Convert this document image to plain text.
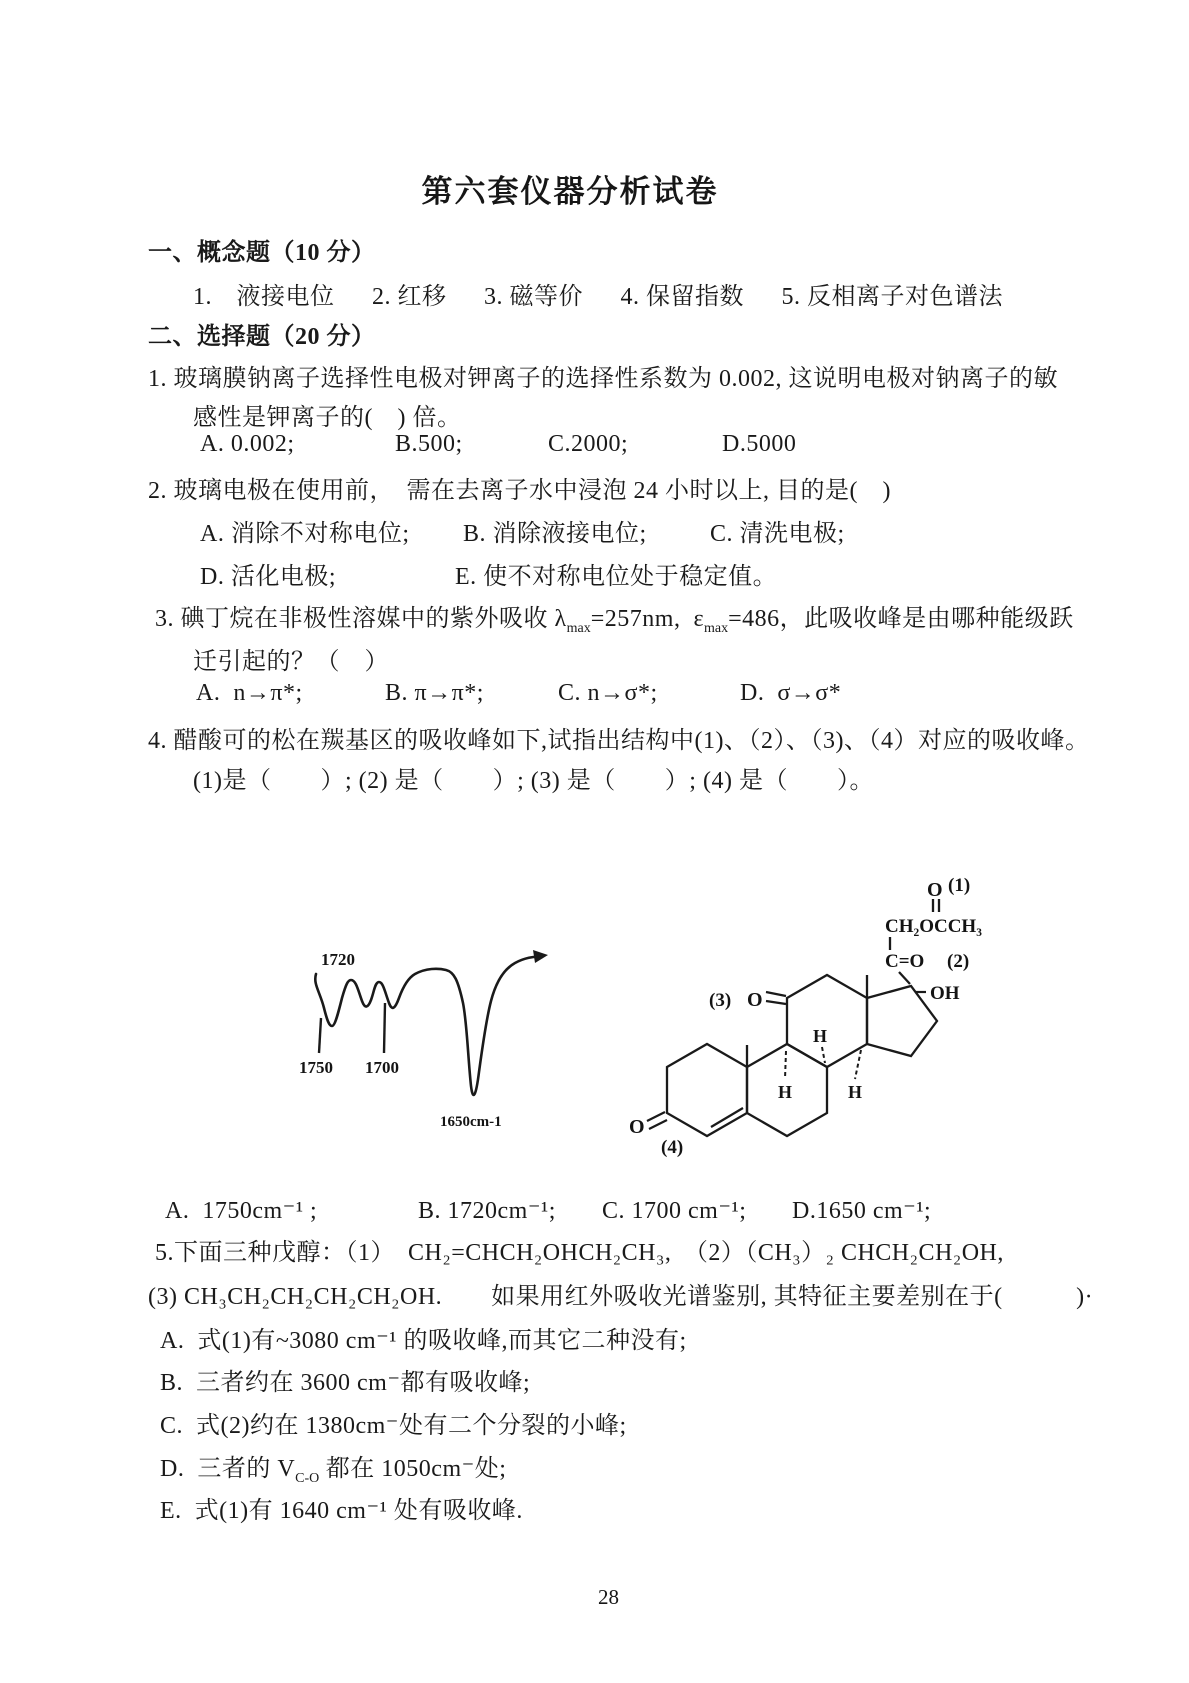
第六套仪器分析试卷
一、概念题（10 分）
1.　液接电位　  2. 红移　  3. 磁等价　  4. 保留指数　  5. 反相离子对色谱法
二、选择题（20 分）
1. 玻璃膜钠离子选择性电极对钾离子的选择性系数为 0.002, 这说明电极对钠离子的敏
感性是钾离子的(　) 倍。
A. 0.002;	B.500;	C.2000;	D.5000
2. 玻璃电极在使用前，　需在去离子水中浸泡 24 小时以上, 目的是(　)
A. 消除不对称电位; B. 消除液接电位;	C. 清洗电极;
D. 活化电极;	E. 使不对称电位处于稳定值。
3. 碘丁烷在非极性溶媒中的紫外吸收 $\lambda_{max}=257nm$,  $\varepsilon_{max}=486$，此吸收峰是由哪种能级跃
迁引起的？（　）
A.  n→π*;	B. π→π*;	C. n→σ*;	D.  σ→σ*
4. 醋酸可的松在羰基区的吸收峰如下,试指出结构中(1)、（2）、（3)、（4）对应的吸收峰。
(1)是（　　）; (2) 是（　　）; (3) 是（　　）; (4) 是（　　）。
1720
1750 1700
1650cm-1	O
(4)
(3) O	OH
C=O (2)
CH₂OCCH₃
O (1)
H
H	H
A.  1750cm⁻¹ ;	B. 1720cm⁻¹; C. 1700 cm⁻¹; D.1650 cm⁻¹;
5.下面三种戊醇：（1）  CH₂=CHCH₂OHCH₂CH₃,　（2）（CH₃）₂ CHCH₂CH₂OH,
(3) CH₃CH₂CH₂CH₂CH₂OH.　　如果用红外吸收光谱鉴别, 其特征主要差别在于(　　　)·
A.  式(1)有~3080 cm⁻¹ 的吸收峰,而其它二种没有;
B.  三者约在 3600 cm⁻都有吸收峰;
C.  式(2)约在 1380cm⁻处有二个分裂的小峰;
D.  三者的 $V_{C-O}$ 都在 1050cm⁻处;
E.  式(1)有 1640 cm⁻¹ 处有吸收峰.
28
